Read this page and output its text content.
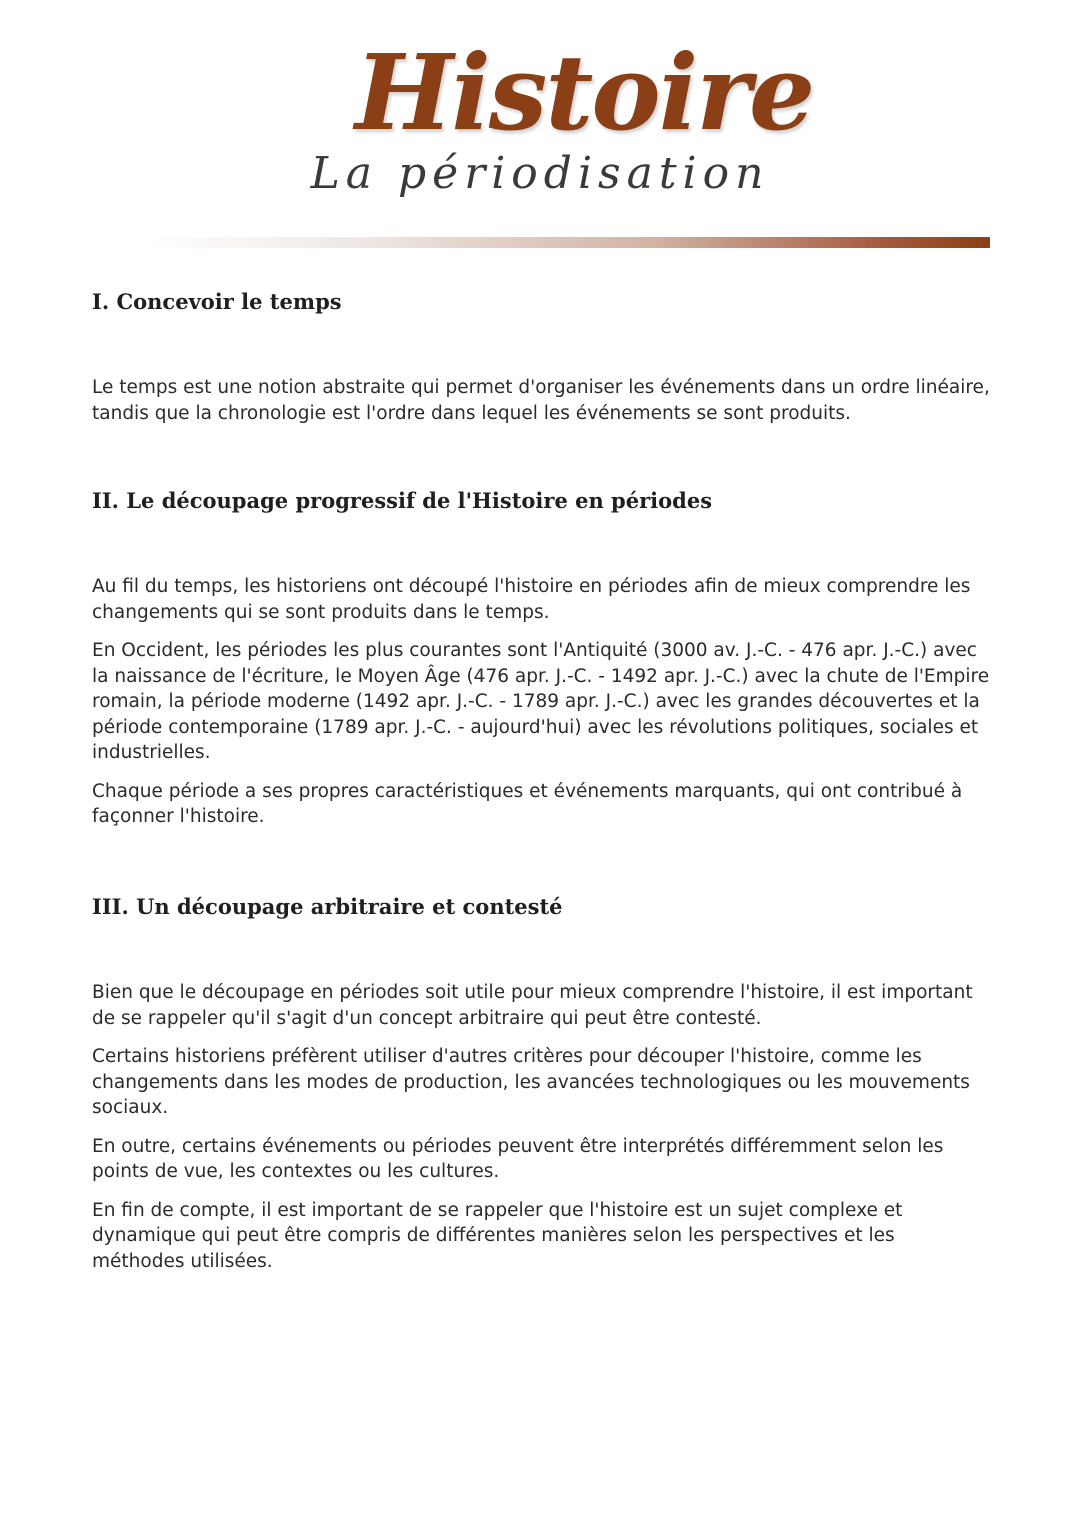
Histoire
La périodisation
I. Concevoir le temps

Le temps est une notion abstraite qui permet d'organiser les événements dans un ordre linéaire, tandis que la chronologie est l'ordre dans lequel les événements se sont produits.

II. Le découpage progressif de l'Histoire en périodes

Au fil du temps, les historiens ont découpé l'histoire en périodes afin de mieux comprendre les changements qui se sont produits dans le temps.

En Occident, les périodes les plus courantes sont l'Antiquité (3000 av. J.-C. - 476 apr. J.-C.) avec la naissance de l'écriture, le Moyen Âge (476 apr. J.-C. - 1492 apr. J.-C.) avec la chute de l'Empire romain, la période moderne (1492 apr. J.-C. - 1789 apr. J.-C.) avec les grandes découvertes et la période contemporaine (1789 apr. J.-C. - aujourd'hui) avec les révolutions politiques, sociales et industrielles.

Chaque période a ses propres caractéristiques et événements marquants, qui ont contribué à façonner l'histoire.

III. Un découpage arbitraire et contesté

Bien que le découpage en périodes soit utile pour mieux comprendre l'histoire, il est important de se rappeler qu'il s'agit d'un concept arbitraire qui peut être contesté.

Certains historiens préfèrent utiliser d'autres critères pour découper l'histoire, comme les changements dans les modes de production, les avancées technologiques ou les mouvements sociaux.

En outre, certains événements ou périodes peuvent être interprétés différemment selon les points de vue, les contextes ou les cultures.

En fin de compte, il est important de se rappeler que l'histoire est un sujet complexe et dynamique qui peut être compris de différentes manières selon les perspectives et les méthodes utilisées.
